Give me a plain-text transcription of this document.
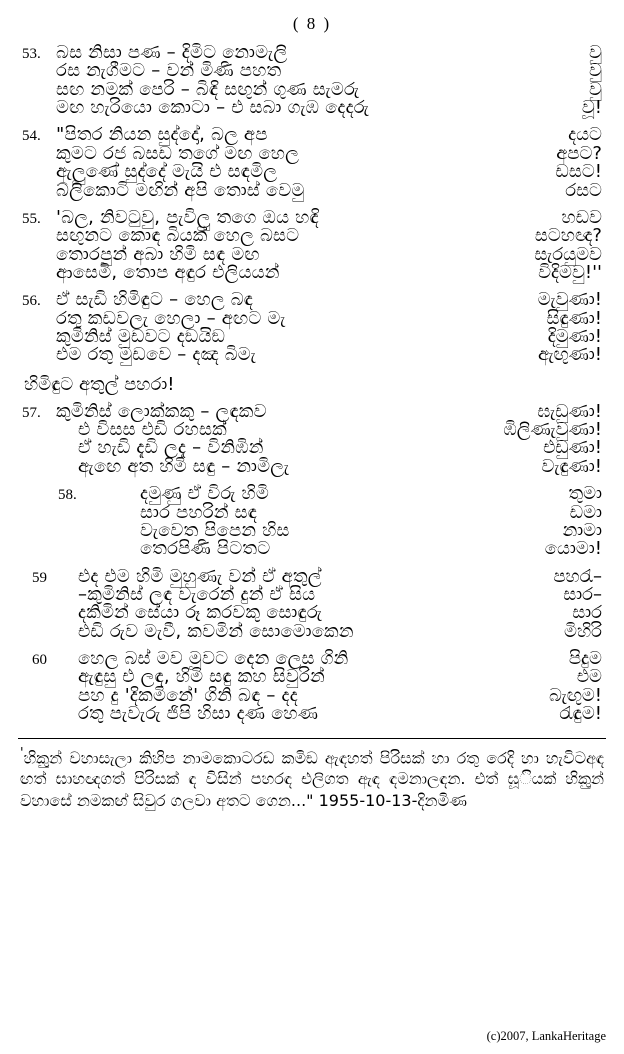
( 8 )
53. බස නිසා පණ – දිමිට නොමැලි	වු
රස නැගීමට – වන් මිණි පහත	වු
සඟ නමක් පෙරි – බිඳි සඟුන් ගුණ සැමරු	වු
මඟ හැරියො කොටා – එ සබා ගැඹ දෙදරු	වූ!
54. "පිතර නියන සුද්දෝ, බල අප	දයට
කුමට රජ බසඩ තගේ මඟ හෙල	අපට?
ඇලුණේ සුද්දේ මැයි එ සඳමිල	ඩසට!
බ්ලිකොටි මඟින් අපි තොස් වෙමු	රසට
55. 'බල, නිවටුවු, පැවිලු තගෙ ඔය හඳි	හඩව
සඟුනට කොඳ බියක් හෙල බසට	සටහඥ?
තොරපුන් අබා හිමි සඳ මඟ	සැරයුමව
ආසෙමි, තොප අඳුර එලියයන්	විදිමවු!''
56. ඒ සැඩි හිමිඳුට – හෙල බඳ	මැවුණා!
රතු කඩවලැ හෙලා – අඟට මැ	සිඳුණා!
කුමිනිස් මුඩවට දඞයිඞ	දිමුණා!
එම රතු මුඩවෙ – දඤ බිමැ	ඇඟුණා!
හිමිඳුට අතුල් පහරා!
57. කුමිනිස් ලොක්කකු – ලඳකව	ඝැඩුණා!
එ විසස එඩි රහසක්	ඹිලිණැවුණා!
ඒ හැඩි දැඩි ලදැ – විනිඹින්	එඩුණා!
ඇඟෙ අත හිමි සඳු – නාමිලැ	වැඳුණා!
58.	දමුණු ඒ විරු හිමි	තුමා
සාර පහරින් සඳ	ඩමා
වැවෙත පිපෙන හිස	නාමා
තෙරපිණි පිටතට	යොමා!
59	එද එම හිමි මුහුණැ වන් ඒ අතුල්	පහරැ–
–කුමිනිස් ලඳ වැරෙන් දුන් ඒ සිය	සාර–
දකිමින් සේයා රූ කරවකු සොඳුරු	සාර
එඩි රුව මැවී, කවමින් සොමොකෙන	මිහිරි
60	හෙල බස් මව මූවට දෙන ලෙස ගිනි	පිදුම
ඇඳුසු එ ලඳ, හිමි සඳු කහ සිවුරින්	එම
පහ දු 'දිකමිනේ' ගිනි බඳ – දද	බැඟුම!
රතු පැවැරු ජිපි හිසා දණ හෙණ	රැඳුම!
'හිකුුන් වහාසැලා කිහිප නාමකොටරඩ කමිඞ ඇඳහත් පිරිසක් හා රතු රෙදි හා හැවිටඅඳ ඟත් ඝාහඥගත් පිරිසක් ඳ විසින් පහරඳ එලිගත ඇඳ ඳමනාලඳන. එත් ඝූියක් හිකුුන් වහාසේ නමකඟ් සිවුර ගලවා අතට ගෙන..." 1955-10-13-දිනමිණ
(c)2007, LankaHeritage
